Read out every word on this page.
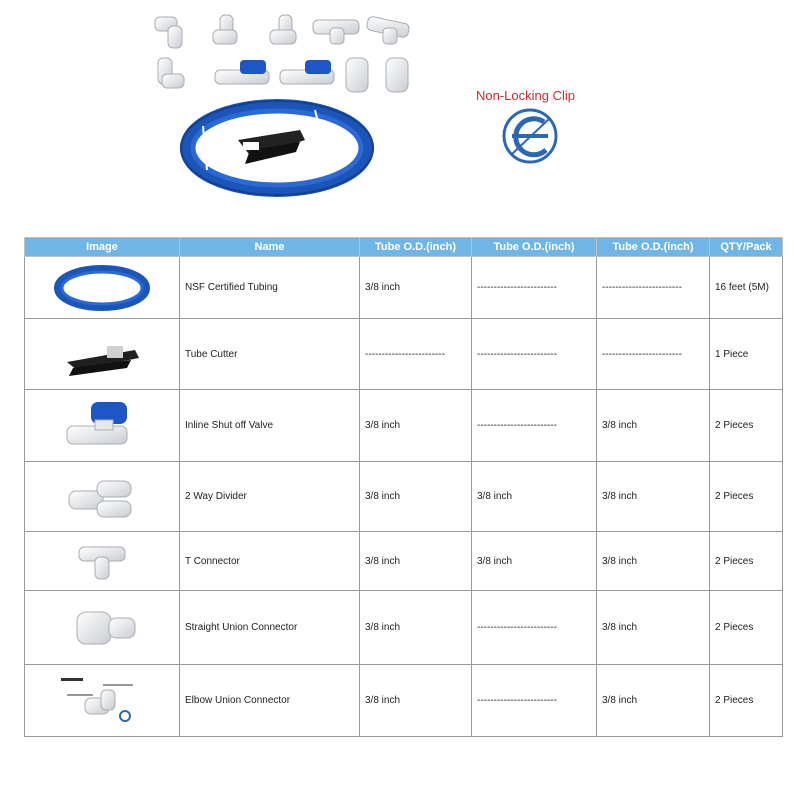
Non-Locking Clip
Image	Name	Tube O.D.(inch)	Tube O.D.(inch)	Tube O.D.(inch)	QTY/Pack

	NSF Certified Tubing	3/8 inch	------------------------	------------------------	16 feet (5M)

	Tube Cutter	------------------------	------------------------	------------------------	1 Piece

	Inline Shut off Valve	3/8 inch	------------------------	3/8 inch	2 Pieces

	2 Way Divider	3/8 inch	3/8 inch	3/8 inch	2 Pieces

	T Connector	3/8 inch	3/8 inch	3/8 inch	2 Pieces

	Straight Union Connector	3/8 inch	------------------------	3/8 inch	2 Pieces

	Elbow Union Connector	3/8 inch	------------------------	3/8 inch	2 Pieces
